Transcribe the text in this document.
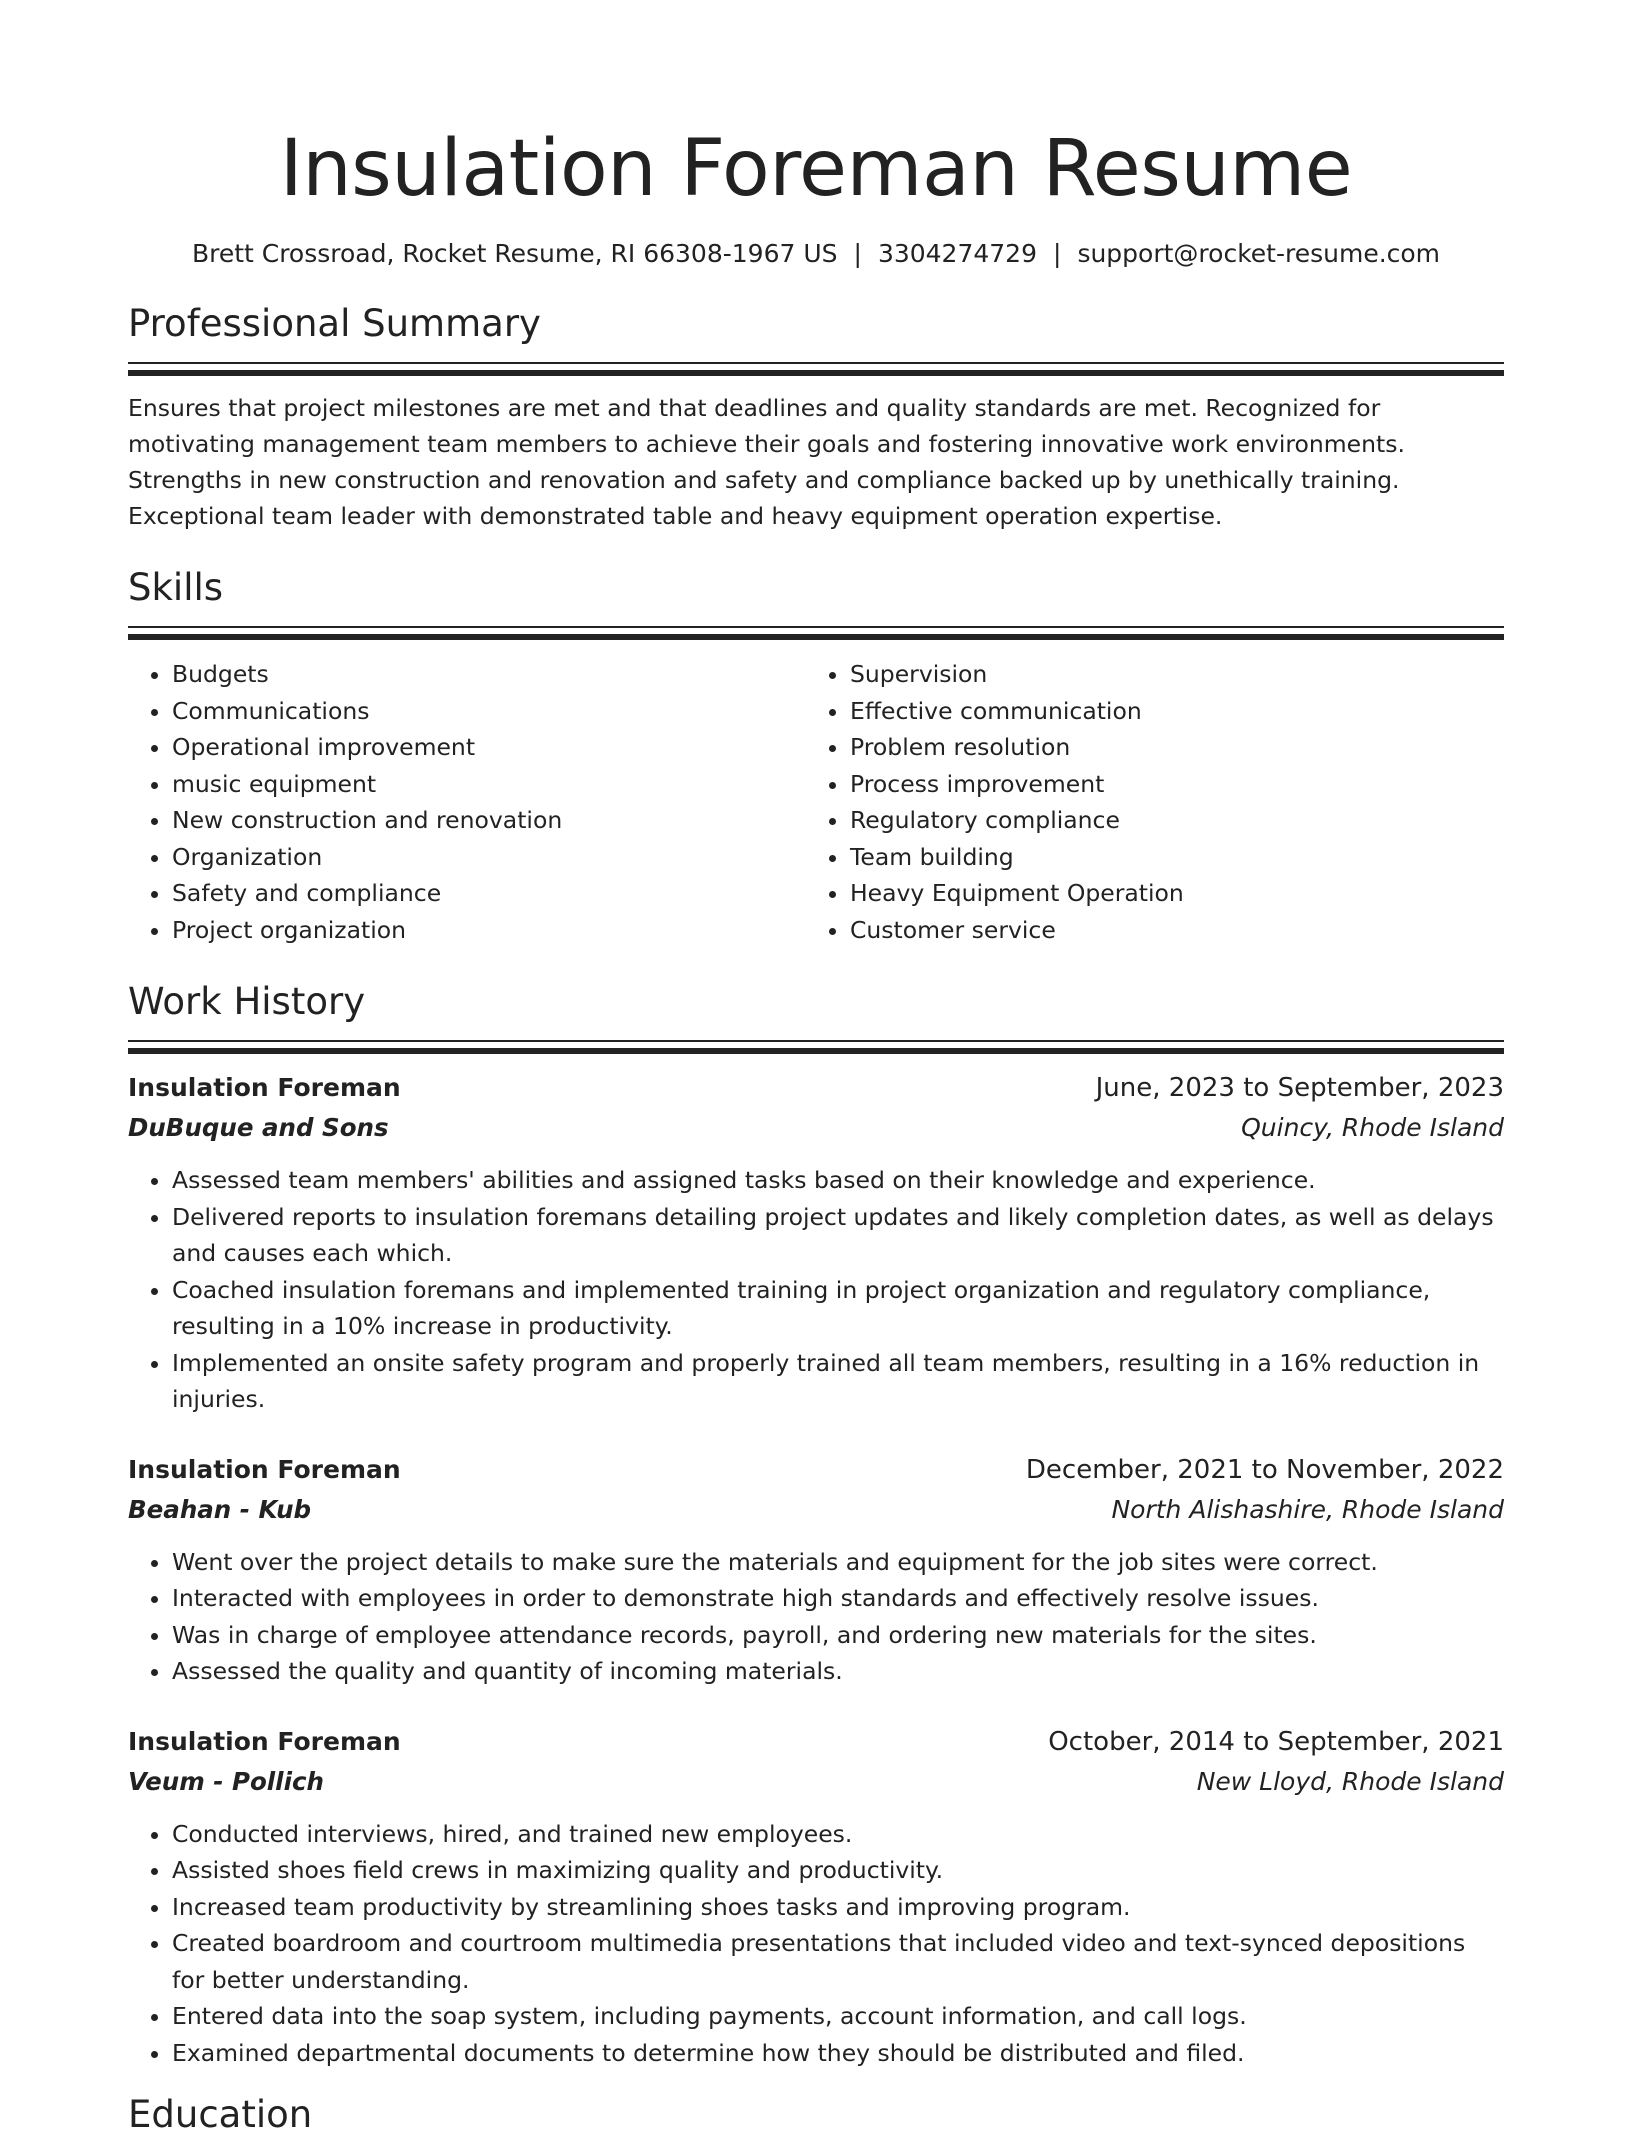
Insulation Foreman Resume
Brett Crossroad, Rocket Resume, RI 66308-1967 US | 3304274729 | support@rocket-resume.com
Professional Summary

Ensures that project milestones are met and that deadlines and quality standards are met. Recognized for motivating management team members to achieve their goals and fostering innovative work environments. Strengths in new construction and renovation and safety and compliance backed up by unethically training. Exceptional team leader with demonstrated table and heavy equipment operation expertise.

Skills
• Budgets
• Communications
• Operational improvement
• music equipment
• New construction and renovation
• Organization
• Safety and compliance
• Project organization
• Supervision
• Effective communication
• Problem resolution
• Process improvement
• Regulatory compliance
• Team building
• Heavy Equipment Operation
• Customer service
Work History
Insulation Foreman	June, 2023 to September, 2023
DuBuque and Sons	Quincy, Rhode Island
• Assessed team members' abilities and assigned tasks based on their knowledge and experience.
• Delivered reports to insulation foremans detailing project updates and likely completion dates, as well as delays and causes each which.
• Coached insulation foremans and implemented training in project organization and regulatory compliance, resulting in a 10% increase in productivity.
• Implemented an onsite safety program and properly trained all team members, resulting in a 16% reduction in injuries.
Insulation Foreman	December, 2021 to November, 2022
Beahan - Kub	North Alishashire, Rhode Island
• Went over the project details to make sure the materials and equipment for the job sites were correct.
• Interacted with employees in order to demonstrate high standards and effectively resolve issues.
• Was in charge of employee attendance records, payroll, and ordering new materials for the sites.
• Assessed the quality and quantity of incoming materials.
Insulation Foreman	October, 2014 to September, 2021
Veum - Pollich	New Lloyd, Rhode Island
• Conducted interviews, hired, and trained new employees.
• Assisted shoes field crews in maximizing quality and productivity.
• Increased team productivity by streamlining shoes tasks and improving program.
• Created boardroom and courtroom multimedia presentations that included video and text-synced depositions for better understanding.
• Entered data into the soap system, including payments, account information, and call logs.
• Examined departmental documents to determine how they should be distributed and filed.
Education
